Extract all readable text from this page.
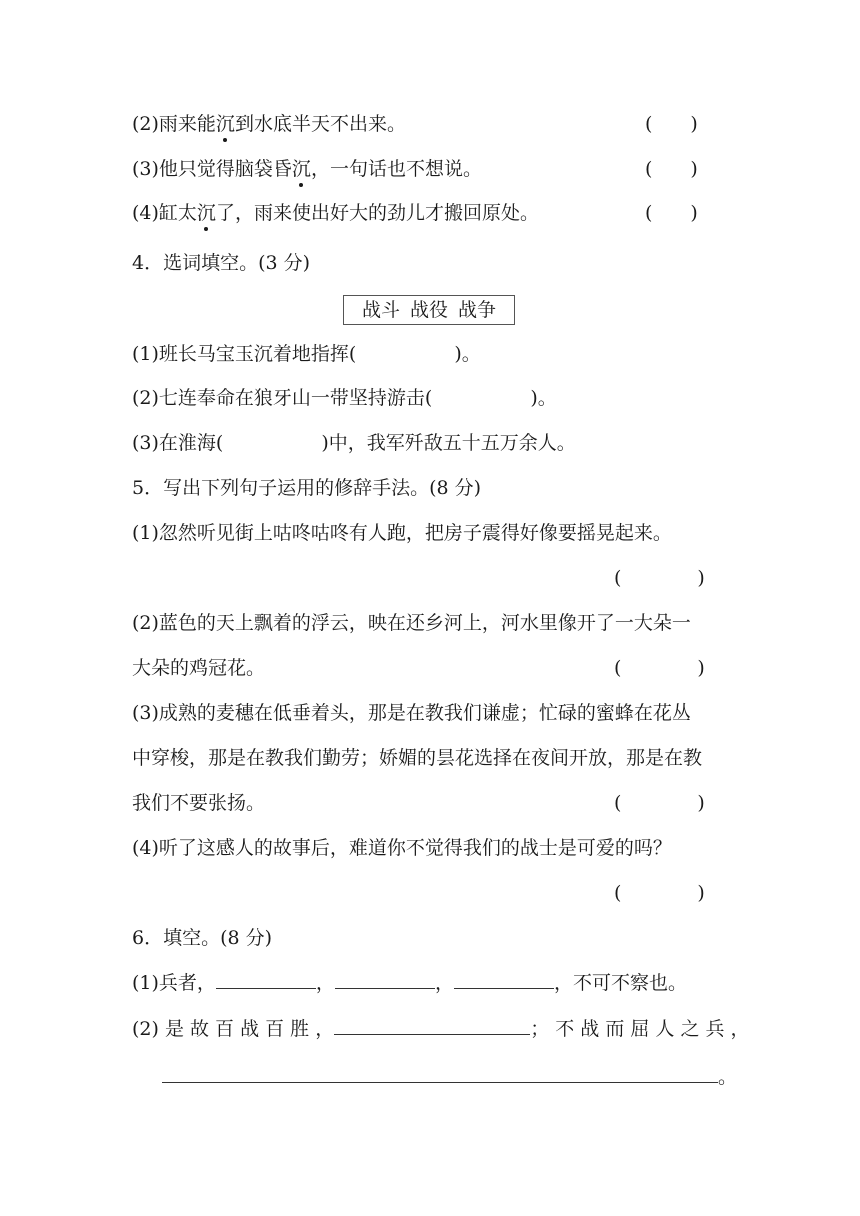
(2)雨来能沉到水底半天不出来。	(　　)
(3)他只觉得脑袋昏沉，一句话也不想说。	(　　)
(4)缸太沉了，雨来使出好大的劲儿才搬回原处。	(　　)
4．选词填空。(3 分)
战斗 战役 战争
(1)班长马宝玉沉着地指挥(	)。
(2)七连奉命在狼牙山一带坚持游击(	)。
(3)在淮海(	)中，我军歼敌五十五万余人。
5．写出下列句子运用的修辞手法。(8 分)
(1)忽然听见街上咕咚咕咚有人跑，把房子震得好像要摇晃起来。
(　　　　)
(2)蓝色的天上飘着的浮云，映在还乡河上，河水里像开了一大朵一
大朵的鸡冠花。	(　　　　)
(3)成熟的麦穗在低垂着头，那是在教我们谦虚；忙碌的蜜蜂在花丛
中穿梭，那是在教我们勤劳；娇媚的昙花选择在夜间开放，那是在教
我们不要张扬。	(　　　　)
(4)听了这感人的故事后，难道你不觉得我们的战士是可爱的吗？
(　　　　)
6．填空。(8 分)
(1)兵者，	，	，	，不可不察也。
(2) 是 故 百 战 百 胜 ，	； 不 战 而 屈 人 之 兵 ，
。
